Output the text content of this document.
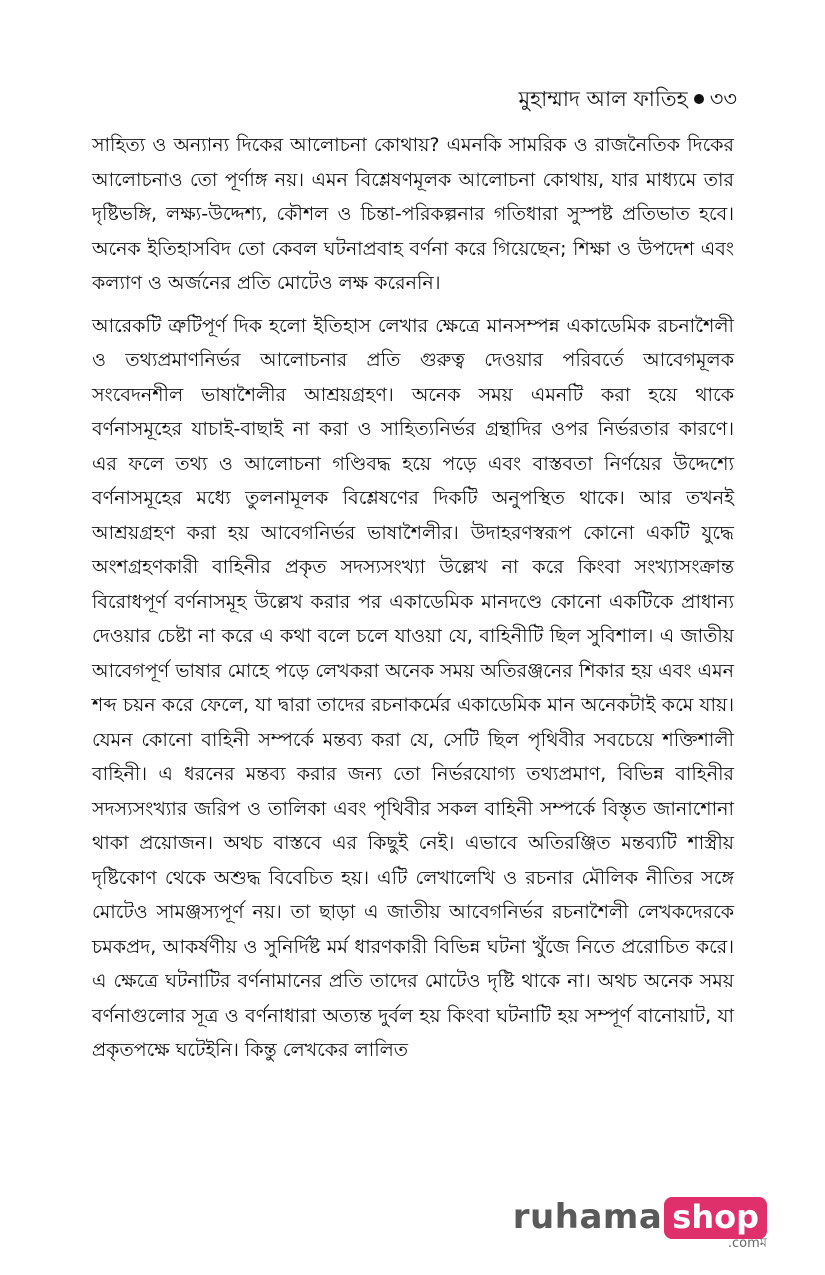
মুহাম্মাদ আল ফাতিহ ৩৩

সাহিত্য ও অন্যান্য দিকের আলোচনা কোথায়? এমনকি সামরিক ও রাজনৈতিক দিকের আলোচনাও তো পূর্ণাঙ্গ নয়। এমন বিশ্লেষণমূলক আলোচনা কোথায়, যার মাধ্যমে তার দৃষ্টিভঙ্গি, লক্ষ্য-উদ্দেশ্য, কৌশল ও চিন্তা-পরিকল্পনার গতিধারা সুস্পষ্ট প্রতিভাত হবে। অনেক ইতিহাসবিদ তো কেবল ঘটনাপ্রবাহ বর্ণনা করে গিয়েছেন; শিক্ষা ও উপদেশ এবং কল্যাণ ও অর্জনের প্রতি মোটেও লক্ষ করেননি।

আরেকটি ত্রুটিপূর্ণ দিক হলো ইতিহাস লেখার ক্ষেত্রে মানসম্পন্ন একাডেমিক রচনাশৈলী ও তথ্যপ্রমাণনির্ভর আলোচনার প্রতি গুরুত্ব দেওয়ার পরিবর্তে আবেগমূলক সংবেদনশীল ভাষাশৈলীর আশ্রয়গ্রহণ। অনেক সময় এমনটি করা হয়ে থাকে বর্ণনাসমূহের যাচাই-বাছাই না করা ও সাহিত্যনির্ভর গ্রন্থাদির ওপর নির্ভরতার কারণে। এর ফলে তথ্য ও আলোচনা গণ্ডিবদ্ধ হয়ে পড়ে এবং বাস্তবতা নির্ণয়ের উদ্দেশ্যে বর্ণনাসমূহের মধ্যে তুলনামূলক বিশ্লেষণের দিকটি অনুপস্থিত থাকে। আর তখনই আশ্রয়গ্রহণ করা হয় আবেগনির্ভর ভাষাশৈলীর। উদাহরণস্বরূপ কোনো একটি যুদ্ধে অংশগ্রহণকারী বাহিনীর প্রকৃত সদস্যসংখ্যা উল্লেখ না করে কিংবা সংখ্যাসংক্রান্ত বিরোধপূর্ণ বর্ণনাসমূহ উল্লেখ করার পর একাডেমিক মানদণ্ডে কোনো একটিকে প্রাধান্য দেওয়ার চেষ্টা না করে এ কথা বলে চলে যাওয়া যে, বাহিনীটি ছিল সুবিশাল। এ জাতীয় আবেগপূর্ণ ভাষার মোহে পড়ে লেখকরা অনেক সময় অতিরঞ্জনের শিকার হয় এবং এমন শব্দ চয়ন করে ফেলে, যা দ্বারা তাদের রচনাকর্মের একাডেমিক মান অনেকটাই কমে যায়। যেমন কোনো বাহিনী সম্পর্কে মন্তব্য করা যে, সেটি ছিল পৃথিবীর সবচেয়ে শক্তিশালী বাহিনী। এ ধরনের মন্তব্য করার জন্য তো নির্ভরযোগ্য তথ্যপ্রমাণ, বিভিন্ন বাহিনীর সদস্যসংখ্যার জরিপ ও তালিকা এবং পৃথিবীর সকল বাহিনী সম্পর্কে বিস্তৃত জানাশোনা থাকা প্রয়োজন। অথচ বাস্তবে এর কিছুই নেই। এভাবে অতিরঞ্জিত মন্তব্যটি শাস্ত্রীয় দৃষ্টিকোণ থেকে অশুদ্ধ বিবেচিত হয়। এটি লেখালেখি ও রচনার মৌলিক নীতির সঙ্গে মোটেও সামঞ্জস্যপূর্ণ নয়। তা ছাড়া এ জাতীয় আবেগনির্ভর রচনাশৈলী লেখকদেরকে চমকপ্রদ, আকর্ষণীয় ও সুনির্দিষ্ট মর্ম ধারণকারী বিভিন্ন ঘটনা খুঁজে নিতে প্ররোচিত করে। এ ক্ষেত্রে ঘটনাটির বর্ণনামানের প্রতি তাদের মোটেও দৃষ্টি থাকে না। অথচ অনেক সময় বর্ণনাগুলোর সূত্র ও বর্ণনাধারা অত্যন্ত দুর্বল হয় কিংবা ঘটনাটি হয় সম্পূর্ণ বানোয়াট, যা প্রকৃতপক্ষে ঘটেইনি। কিন্তু লেখকের লালিত

ruhama shop
.comম
